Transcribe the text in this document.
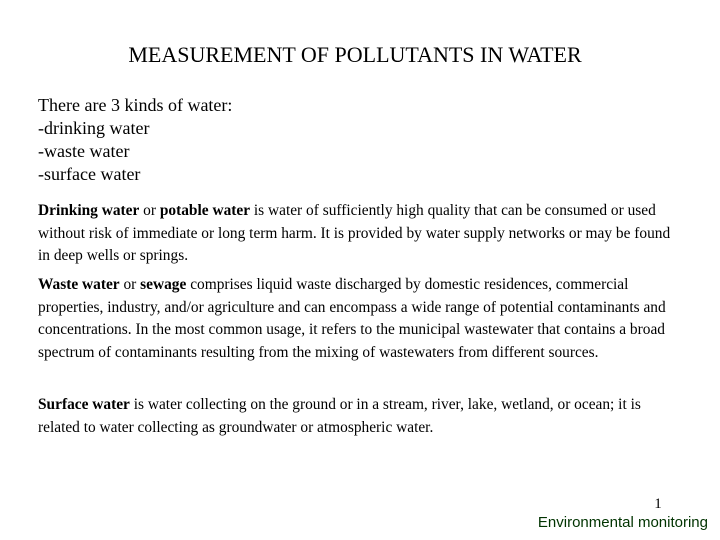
MEASUREMENT OF POLLUTANTS IN WATER
There are 3 kinds of water:
-drinking water
-waste water
-surface water

Drinking water or potable water is water of sufficiently high quality that can be consumed or used without risk of immediate or long term harm. It is provided by water supply networks or may be found in deep wells or springs.

Waste water or sewage comprises liquid waste discharged by domestic residences, commercial properties, industry, and/or agriculture and can encompass a wide range of potential contaminants and concentrations. In the most common usage, it refers to the municipal wastewater that contains a broad spectrum of contaminants resulting from the mixing of wastewaters from different sources.

Surface water is water collecting on the ground or in a stream, river, lake, wetland, or ocean; it is related to water collecting as groundwater or atmospheric water.

1
Environmental monitoring
